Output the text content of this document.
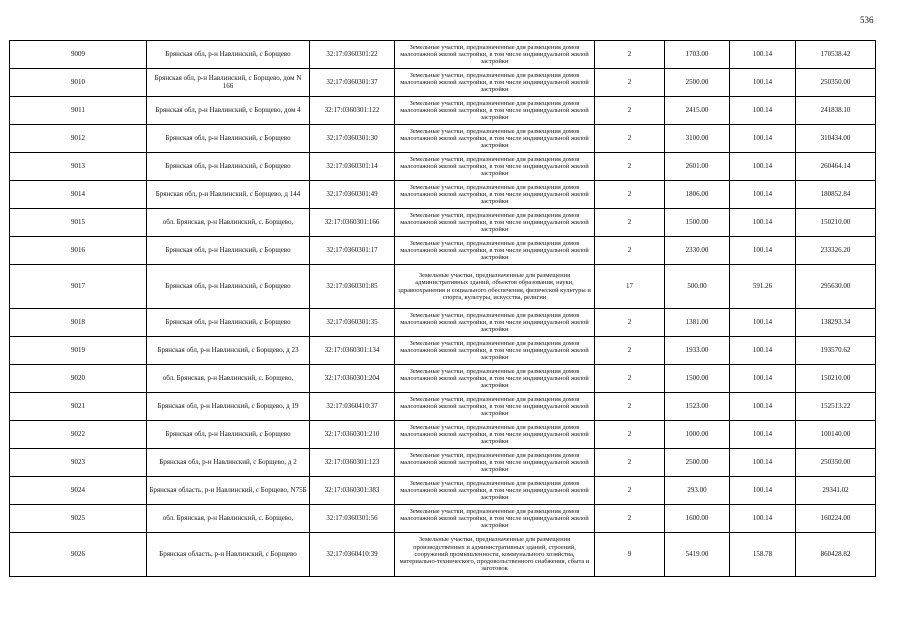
536
9009	Брянская обл, р-н Навлинский, с Борщево	32:17:0360301:22	Земельные участки, предназначенные для размещения домов малоэтажной жилой застройки, в том числе индивидуальной жилой застройки	2	1703.00	100.14	170538.42
9010	Брянская обл, р-н Навлинский, с Борщево, дом N 166	32:17:0360301:37	Земельные участки, предназначенные для размещения домов малоэтажной жилой застройки, в том числе индивидуальной жилой застройки	2	2500.00	100.14	250350.00
9011	Брянская обл, р-н Навлинский, с Борщево, дом 4	32:17:0360301:122	Земельные участки, предназначенные для размещения домов малоэтажной жилой застройки, в том числе индивидуальной жилой застройки	2	2415.00	100.14	241838.10
9012	Брянская обл, р-н Навлинский, с Борщево	32:17:0360301:30	Земельные участки, предназначенные для размещения домов малоэтажной жилой застройки, в том числе индивидуальной жилой застройки	2	3100.00	100.14	310434.00
9013	Брянская обл, р-н Навлинский, с Борщево	32:17:0360301:14	Земельные участки, предназначенные для размещения домов малоэтажной жилой застройки, в том числе индивидуальной жилой застройки	2	2601.00	100.14	260464.14
9014	Брянская обл, р-н Навлинский, с Борщево, д 144	32:17:0360301:49	Земельные участки, предназначенные для размещения домов малоэтажной жилой застройки, в том числе индивидуальной жилой застройки	2	1806.00	100.14	180852.84
9015	обл. Брянская, р-н Навлинский, с. Борщево,	32:17:0360301:166	Земельные участки, предназначенные для размещения домов малоэтажной жилой застройки, в том числе индивидуальной жилой застройки	2	1500.00	100.14	150210.00
9016	Брянская обл, р-н Навлинский, с Борщево	32:17:0360301:17	Земельные участки, предназначенные для размещения домов малоэтажной жилой застройки, в том числе индивидуальной жилой застройки	2	2330.00	100.14	233326.20
9017	Брянская обл, р-н Навлинский, с Борщево	32:17:0360301:85	Земельные участки, предназначенные для размещения административных зданий, объектов образования, науки, здравоохранения и социального обеспечения, физической культуры и спорта, культуры, искусства, религии	17	500.00	591.26	295630.00
9018	Брянская обл, р-н Навлинский, с Борщево	32:17:0360301:35	Земельные участки, предназначенные для размещения домов малоэтажной жилой застройки, в том числе индивидуальной жилой застройки	2	1381.00	100.14	138293.34
9019	Брянская обл, р-н Навлинский, с Борщево, д 23	32:17:0360301:134	Земельные участки, предназначенные для размещения домов малоэтажной жилой застройки, в том числе индивидуальной жилой застройки	2	1933.00	100.14	193570.62
9020	обл. Брянская, р-н Навлинский, с. Борщево,	32:17:0360301:204	Земельные участки, предназначенные для размещения домов малоэтажной жилой застройки, в том числе индивидуальной жилой застройки	2	1500.00	100.14	150210.00
9021	Брянская обл, р-н Навлинский, с Борщево, д 19	32:17:0360410:37	Земельные участки, предназначенные для размещения домов малоэтажной жилой застройки, в том числе индивидуальной жилой застройки	2	1523.00	100.14	152513.22
9022	Брянская обл, р-н Навлинский, с Борщево	32:17:0360301:210	Земельные участки, предназначенные для размещения домов малоэтажной жилой застройки, в том числе индивидуальной жилой застройки	2	1000.00	100.14	100140.00
9023	Брянская обл, р-н Навлинский, с Борщево, д 2	32:17:0360301:123	Земельные участки, предназначенные для размещения домов малоэтажной жилой застройки, в том числе индивидуальной жилой застройки	2	2500.00	100.14	250350.00
9024	Брянская область, р-н Навлинский, с Борщево, N75Б	32:17:0360301:383	Земельные участки, предназначенные для размещения домов малоэтажной жилой застройки, в том числе индивидуальной жилой застройки	2	293.00	100.14	29341.02
9025	обл. Брянская, р-н Навлинский, с. Борщево,	32:17:0360301:56	Земельные участки, предназначенные для размещения домов малоэтажной жилой застройки, в том числе индивидуальной жилой застройки	2	1600.00	100.14	160224.00
9026	Брянская область, р-н Навлинский, с Борщево	32:17:0360410:39	Земельные участки, предназначенные для размещения производственных и административных зданий, строений, сооружений промышленности, коммунального хозяйства, материально-технического, продовольственного снабжения, сбыта и заготовок	9	5419.00	158.78	860428.82
